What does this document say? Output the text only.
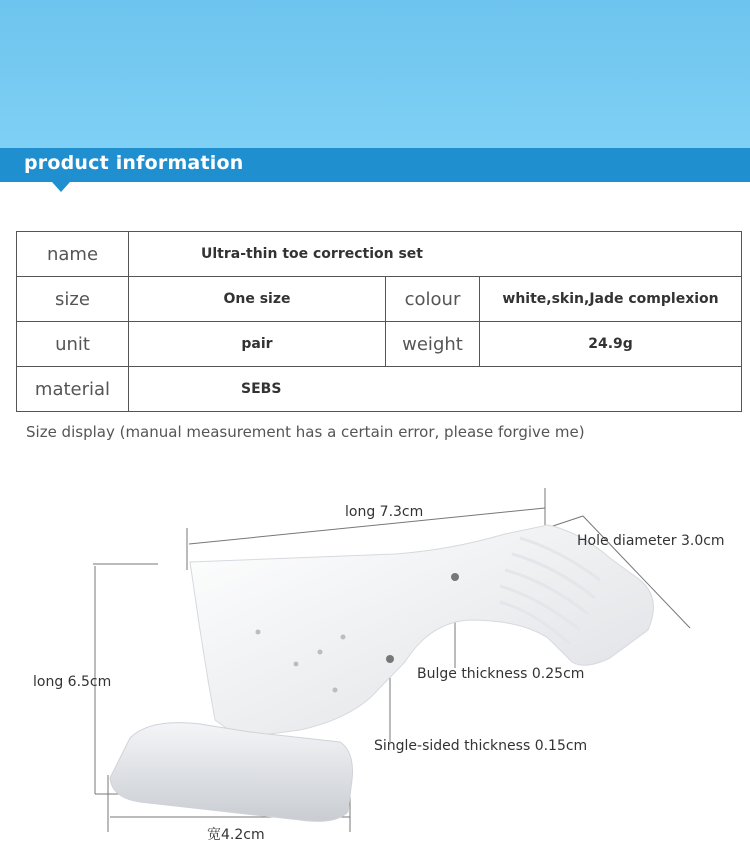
product information
name	Ultra-thin toe correction set		
size	One size	colour	white,skin,Jade complexion
unit	pair	weight	24.9g
material	SEBS		
Size display (manual measurement has a certain error, please forgive me)
long 7.3cm
Hole diameter 3.0cm
long 6.5cm	Bulge thickness 0.25cm
Single-sided thickness 0.15cm
宽4.2cm
